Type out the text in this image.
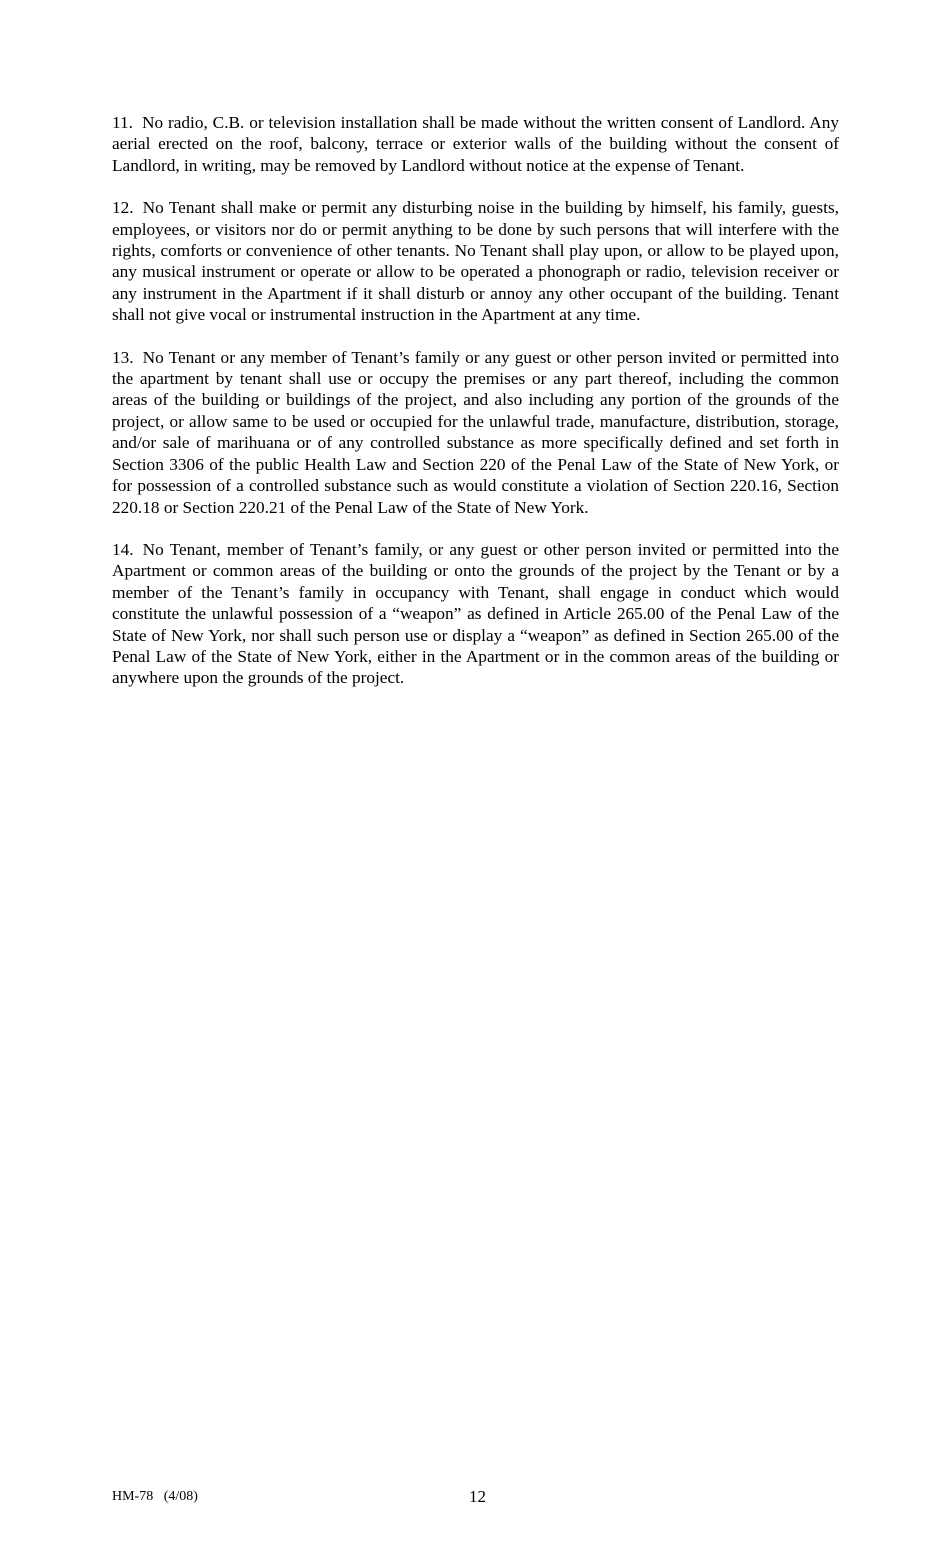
11. No radio, C.B. or television installation shall be made without the written consent of Landlord. Any aerial erected on the roof, balcony, terrace or exterior walls of the building without the consent of Landlord, in writing, may be removed by Landlord without notice at the expense of Tenant.

12. No Tenant shall make or permit any disturbing noise in the building by himself, his family, guests, employees, or visitors nor do or permit anything to be done by such persons that will interfere with the rights, comforts or convenience of other tenants. No Tenant shall play upon, or allow to be played upon, any musical instrument or operate or allow to be operated a phonograph or radio, television receiver or any instrument in the Apartment if it shall disturb or annoy any other occupant of the building. Tenant shall not give vocal or instrumental instruction in the Apartment at any time.

13. No Tenant or any member of Tenant’s family or any guest or other person invited or permitted into the apartment by tenant shall use or occupy the premises or any part thereof, including the common areas of the building or buildings of the project, and also including any portion of the grounds of the project, or allow same to be used or occupied for the unlawful trade, manufacture, distribution, storage, and/or sale of marihuana or of any controlled substance as more specifically defined and set forth in Section 3306 of the public Health Law and Section 220 of the Penal Law of the State of New York, or for possession of a controlled substance such as would constitute a violation of Section 220.16, Section 220.18 or Section 220.21 of the Penal Law of the State of New York.

14. No Tenant, member of Tenant’s family, or any guest or other person invited or permitted into the Apartment or common areas of the building or onto the grounds of the project by the Tenant or by a member of the Tenant’s family in occupancy with Tenant, shall engage in conduct which would constitute the unlawful possession of a “weapon” as defined in Article 265.00 of the Penal Law of the State of New York, nor shall such person use or display a “weapon” as defined in Section 265.00 of the Penal Law of the State of New York, either in the Apartment or in the common areas of the building or anywhere upon the grounds of the project.

HM-78   (4/08)	12
